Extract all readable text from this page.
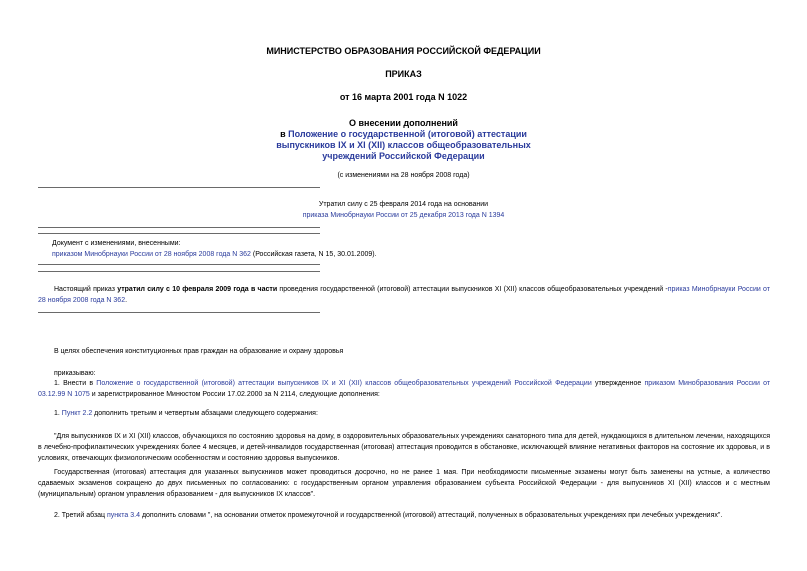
МИНИСТЕРСТВО ОБРАЗОВАНИЯ РОССИЙСКОЙ ФЕДЕРАЦИИ
ПРИКАЗ
от 16 марта 2001 года N 1022
О внесении дополнений
в Положение о государственной (итоговой) аттестации выпускников IX и XI (XII) классов общеобразовательных учреждений Российской Федерации
(с изменениями на 28 ноября 2008 года)
Утратил силу с 25 февраля 2014 года на основании
приказа Минобрнауки России от 25 декабря 2013 года N 1394
Документ с изменениями, внесенными:
приказом Минобрнауки России от 28 ноября 2008 года N 362 (Российская газета, N 15, 30.01.2009).
Настоящий приказ утратил силу с 10 февраля 2009 года в части проведения государственной (итоговой) аттестации выпускников XI (XII) классов общеобразовательных учреждений -приказ Минобрнауки России от 28 ноября 2008 года N 362.
В целях обеспечения конституционных прав граждан на образование и охрану здоровья
приказываю:
1. Внести в Положение о государственной (итоговой) аттестации выпускников IX и XI (XII) классов общеобразовательных учреждений Российской Федерации утвержденное приказом Минобразования России от 03.12.99 N 1075 и зарегистрированное Минюстом России 17.02.2000 за N 2114, следующие дополнения:
1. Пункт 2.2 дополнить третьим и четвертым абзацами следующего содержания:
"Для выпускников IX и XI (XII) классов, обучающихся по состоянию здоровья на дому, в оздоровительных образовательных учреждениях санаторного типа для детей, нуждающихся в длительном лечении, находящихся в лечебно-профилактических учреждениях более 4 месяцев, и детей-инвалидов государственная (итоговая) аттестация проводится в обстановке, исключающей влияние негативных факторов на состояние их здоровья, и в условиях, отвечающих физиологическим особенностям и состоянию здоровья выпускников.
Государственная (итоговая) аттестация для указанных выпускников может проводиться досрочно, но не ранее 1 мая. При необходимости письменные экзамены могут быть заменены на устные, а количество сдаваемых экзаменов сокращено до двух письменных по согласованию: с государственным органом управления образованием субъекта Российской Федерации - для выпускников XI (XII) классов и с местным (муниципальным) органом управления образованием - для выпускников IX классов".
2. Третий абзац пункта 3.4 дополнить словами ", на основании отметок промежуточной и государственной (итоговой) аттестаций, полученных в образовательных учреждениях при лечебных учреждениях".
